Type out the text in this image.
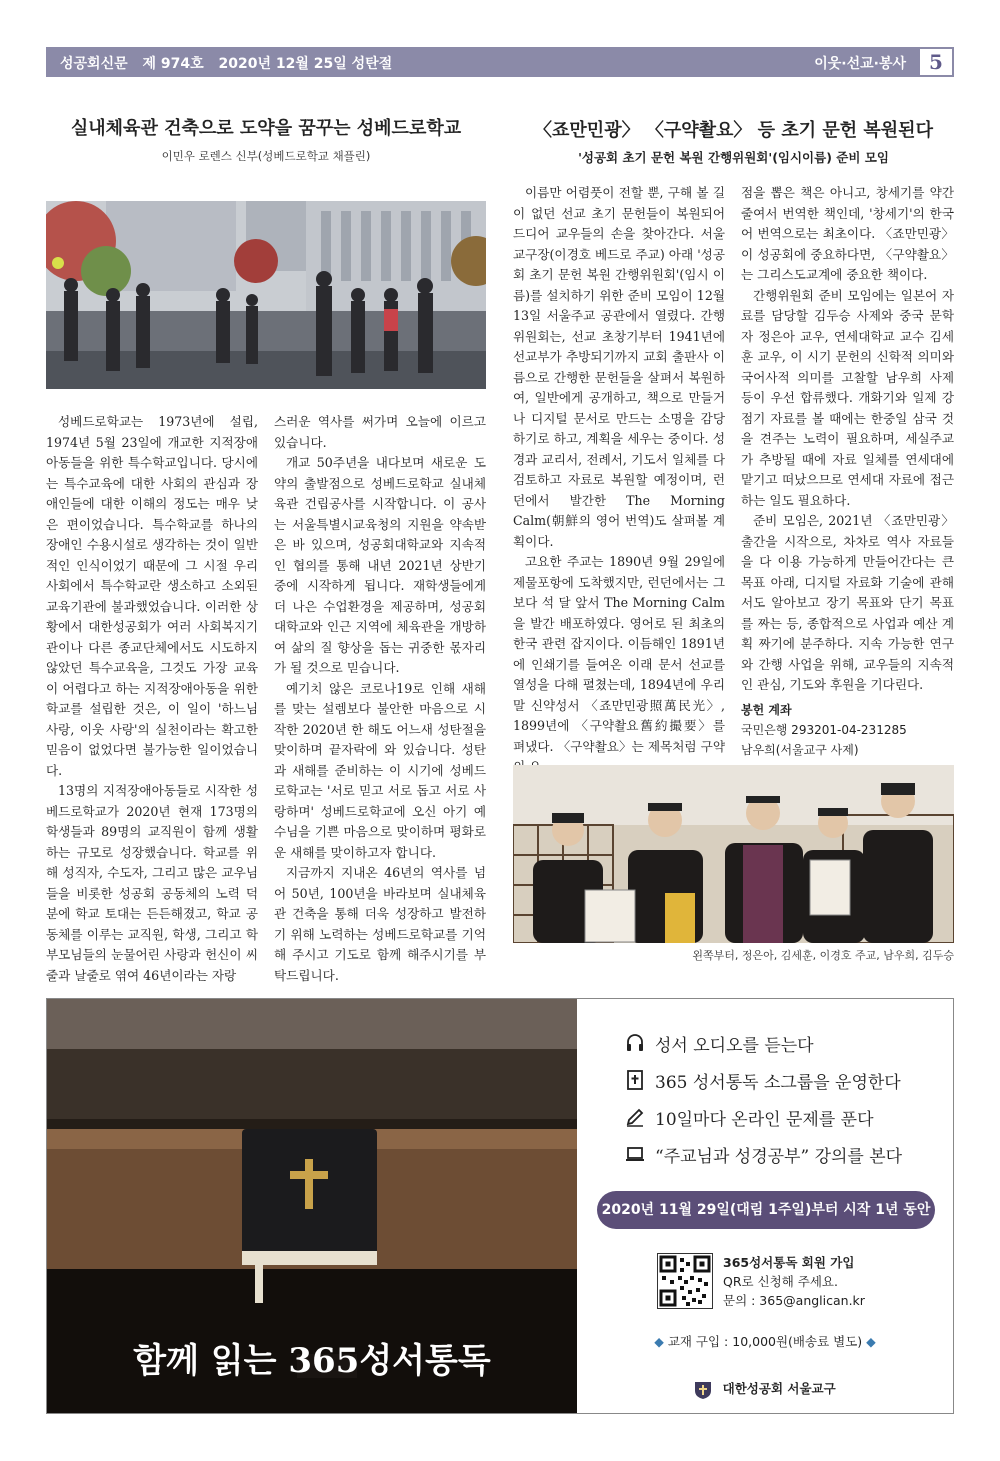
성공회신문 제 974호 2020년 12월 25일 성탄절	이웃·선교·봉사	5
실내체육관 건축으로 도약을 꿈꾸는 성베드로학교
이민우 로렌스 신부(성베드로학교 채플린)

성베드로학교는 1973년에 설립, 1974년 5월 23일에 개교한 지적장애아동들을 위한 특수학교입니다. 당시에는 특수교육에 대한 사회의 관심과 장애인들에 대한 이해의 정도는 매우 낮은 편이었습니다. 특수학교를 하나의 장애인 수용시설로 생각하는 것이 일반적인 인식이었기 때문에 그 시절 우리 사회에서 특수학교란 생소하고 소외된 교육기관에 불과했었습니다. 이러한 상황에서 대한성공회가 여러 사회복지기관이나 다른 종교단체에서도 시도하지 않았던 특수교육을, 그것도 가장 교육이 어렵다고 하는 지적장애아동을 위한 학교를 설립한 것은, 이 일이 '하느님 사랑, 이웃 사랑'의 실천이라는 확고한 믿음이 없었다면 불가능한 일이었습니다.

13명의 지적장애아동들로 시작한 성베드로학교가 2020년 현재 173명의 학생들과 89명의 교직원이 함께 생활하는 규모로 성장했습니다. 학교를 위해 성직자, 수도자, 그리고 많은 교우님들을 비롯한 성공회 공동체의 노력 덕분에 학교 토대는 든든해졌고, 학교 공동체를 이루는 교직원, 학생, 그리고 학부모님들의 눈물어린 사랑과 헌신이 씨줄과 날줄로 엮여 46년이라는 자랑

스러운 역사를 써가며 오늘에 이르고 있습니다.

개교 50주년을 내다보며 새로운 도약의 출발점으로 성베드로학교 실내체육관 건립공사를 시작합니다. 이 공사는 서울특별시교육청의 지원을 약속받은 바 있으며, 성공회대학교와 지속적인 협의를 통해 내년 2021년 상반기 중에 시작하게 됩니다. 재학생들에게 더 나은 수업환경을 제공하며, 성공회대학교와 인근 지역에 체육관을 개방하여 삶의 질 향상을 돕는 귀중한 몫자리가 될 것으로 믿습니다.

예기치 않은 코로나19로 인해 새해를 맞는 설렘보다 불안한 마음으로 시작한 2020년 한 해도 어느새 성탄절을 맞이하며 끝자락에 와 있습니다. 성탄과 새해를 준비하는 이 시기에 성베드로학교는 '서로 믿고 서로 돕고 서로 사랑하며' 성베드로학교에 오신 아기 예수님을 기쁜 마음으로 맞이하며 평화로운 새해를 맞이하고자 합니다.

지금까지 지내온 46년의 역사를 넘어 50년, 100년을 바라보며 실내체육관 건축을 통해 더욱 성장하고 발전하기 위해 노력하는 성베드로학교를 기억해 주시고 기도로 함께 해주시기를 부탁드립니다.

〈죠만민광〉 〈구약촬요〉 등 초기 문헌 복원된다
'성공회 초기 문헌 복원 간행위원회'(임시이름) 준비 모임

이름만 어렴풋이 전할 뿐, 구해 볼 길이 없던 선교 초기 문헌들이 복원되어 드디어 교우들의 손을 찾아간다. 서울교구장(이경호 베드로 주교) 아래 '성공회 초기 문헌 복원 간행위원회'(임시 이름)를 설치하기 위한 준비 모임이 12월 13일 서울주교 공관에서 열렸다. 간행위원회는, 선교 초창기부터 1941년에 선교부가 추방되기까지 교회 출판사 이름으로 간행한 문헌들을 살펴서 복원하여, 일반에게 공개하고, 책으로 만들거나 디지털 문서로 만드는 소명을 감당하기로 하고, 계획을 세우는 중이다. 성경과 교리서, 전례서, 기도서 일체를 다 검토하고 자료로 복원할 예정이며, 런던에서 발간한 The Morning Calm(朝鮮의 영어 번역)도 살펴볼 계획이다.

고요한 주교는 1890년 9월 29일에 제물포항에 도착했지만, 런던에서는 그보다 석 달 앞서 The Morning Calm을 발간 배포하였다. 영어로 된 최초의 한국 관련 잡지이다. 이듬해인 1891년에 인쇄기를 들여온 이래 문서 선교를 열성을 다해 펼쳤는데, 1894년에 우리말 신약성서 〈죠만민광照萬民光〉, 1899년에 〈구약촬요舊約撮要〉를 펴냈다. 〈구약촬요〉는 제목처럼 구약

점을 뽑은 책은 아니고, 창세기를 약간 줄여서 번역한 책인데, '창세기'의 한국어 번역으로는 최초이다. 〈죠만민광〉이 성공회에 중요하다면, 〈구약촬요〉는 그리스도교계에 중요한 책이다.

간행위원회 준비 모임에는 일본어 자료를 담당할 김두승 사제와 중국 문학자 정은아 교우, 연세대학교 교수 김세훈 교우, 이 시기 문헌의 신학적 의미와 국어사적 의미를 고찰할 남우희 사제 등이 우선 합류했다. 개화기와 일제 강점기 자료를 볼 때에는 한중일 삼국 것을 견주는 노력이 필요하며, 세실주교가 추방될 때에 자료 일체를 연세대에 맡기고 떠났으므로 연세대 자료에 접근하는 일도 필요하다.

준비 모임은, 2021년 〈죠만민광〉 출간을 시작으로, 차차로 역사 자료들을 다 이용 가능하게 만들어간다는 큰 목표 아래, 디지털 자료화 기술에 관해서도 알아보고 장기 목표와 단기 목표를 짜는 등, 종합적으로 사업과 예산 계획 짜기에 분주하다. 지속 가능한 연구와 간행 사업을 위해, 교우들의 지속적인 관심, 기도와 후원을 기다린다.

봉헌 계좌

국민은행 293201-04-231285

남우희(서울교구 사제)

왼쪽부터, 정은아, 김세훈, 이경호 주교, 남우희, 김두승
함께 읽는 365성서통독
성서 오디오를 듣는다
365 성서통독 소그룹을 운영한다
10일마다 온라인 문제를 푼다
“주교님과 성경공부” 강의를 본다
2020년 11월 29일(대림 1주일)부터 시작 1년 동안
365성서통독 회원 가입
QR로 신청해 주세요.
문의 : 365@anglican.kr
◆ 교재 구입 : 10,000원(배송료 별도) ◆
대한성공회 서울교구
